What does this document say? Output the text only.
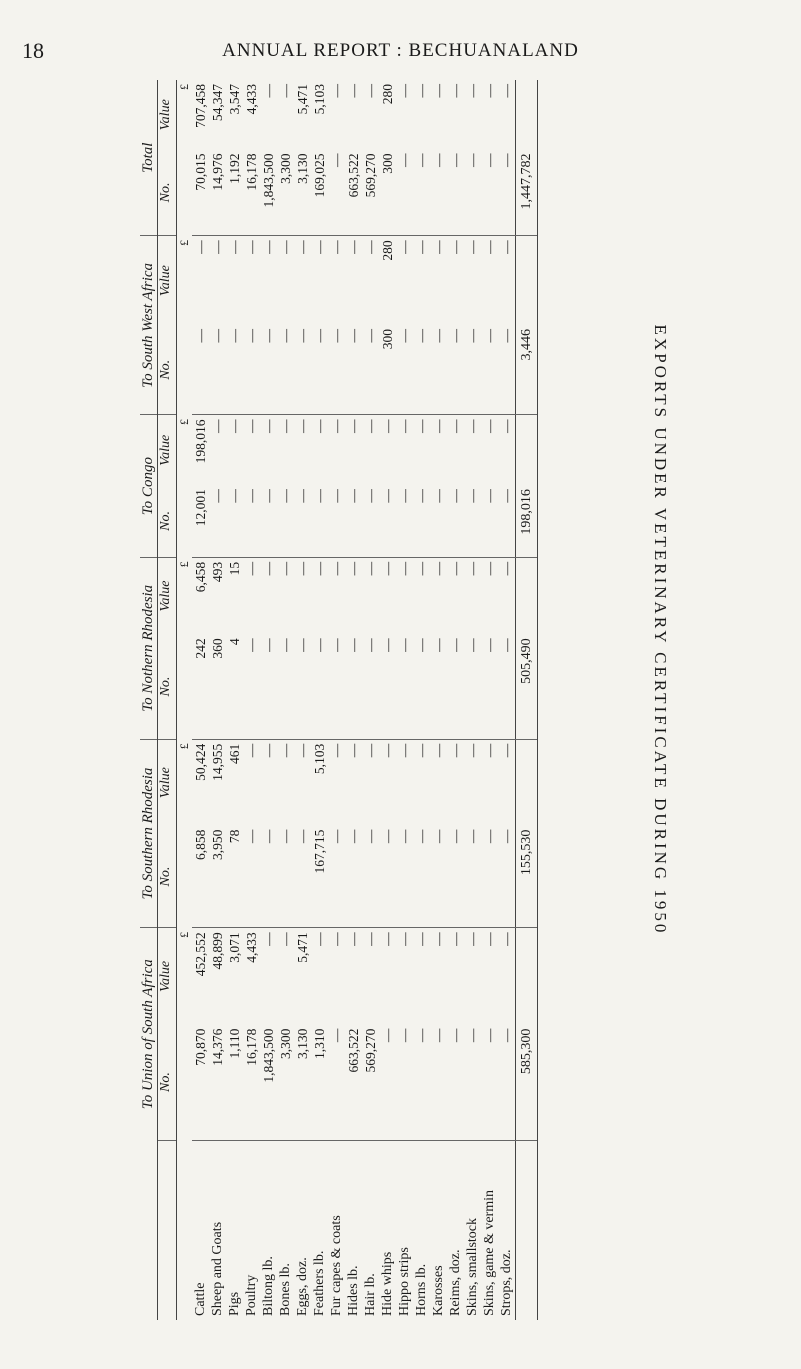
18	ANNUAL REPORT : BECHUANALAND
EXPORTS UNDER VETERINARY CERTIFICATE DURING 1950
	To Union of South Africa		To Southern Rhodesia		To Nothern Rhodesia		To Congo		To South West Africa		Total	
	No.	Value	No.	Value	No.	Value	No.	Value	No.	Value	No.	Value
		£		£		£		£		£		£
Cattle	70,870	452,552	6,858	50,424	242	6,458	12,001	198,016	—	—	70,015	707,458
Sheep and Goats	14,376	48,899	3,950	14,955	360	493	—	—	—	—	14,976	54,347
Pigs	1,110	3,071	78	461	4	15	—	—	—	—	1,192	3,547
Poultry	16,178	4,433	—	—	—	—	—	—	—	—	16,178	4,433
Biltong lb.	1,843,500	—	—	—	—	—	—	—	—	—	1,843,500	—
Bones lb.	3,300	—	—	—	—	—	—	—	—	—	3,300	—
Eggs, doz.	3,130	5,471	—	—	—	—	—	—	—	—	3,130	5,471
Feathers lb.	1,310	—	167,715	5,103	—	—	—	—	—	—	169,025	5,103
Fur capes & coats	—	—	—	—	—	—	—	—	—	—	—	—
Hides lb.	663,522	—	—	—	—	—	—	—	—	—	663,522	—
Hair lb.	569,270	—	—	—	—	—	—	—	—	—	569,270	—
Hide whips	—	—	—	—	—	—	—	—	300	280	300	280
Hippo strips	—	—	—	—	—	—	—	—	—	—	—	—
Horns lb.	—	—	—	—	—	—	—	—	—	—	—	—
Karosses	—	—	—	—	—	—	—	—	—	—	—	—
Reims, doz.	—	—	—	—	—	—	—	—	—	—	—	—
Skins, smallstock	—	—	—	—	—	—	—	—	—	—	—	—
Skins, game & vermin	—	—	—	—	—	—	—	—	—	—	—	—
Strops, doz.	—	—	—	—	—	—	—	—	—	—	—	—
	585,300		155,530		505,490		198,016		3,446		1,447,782	
